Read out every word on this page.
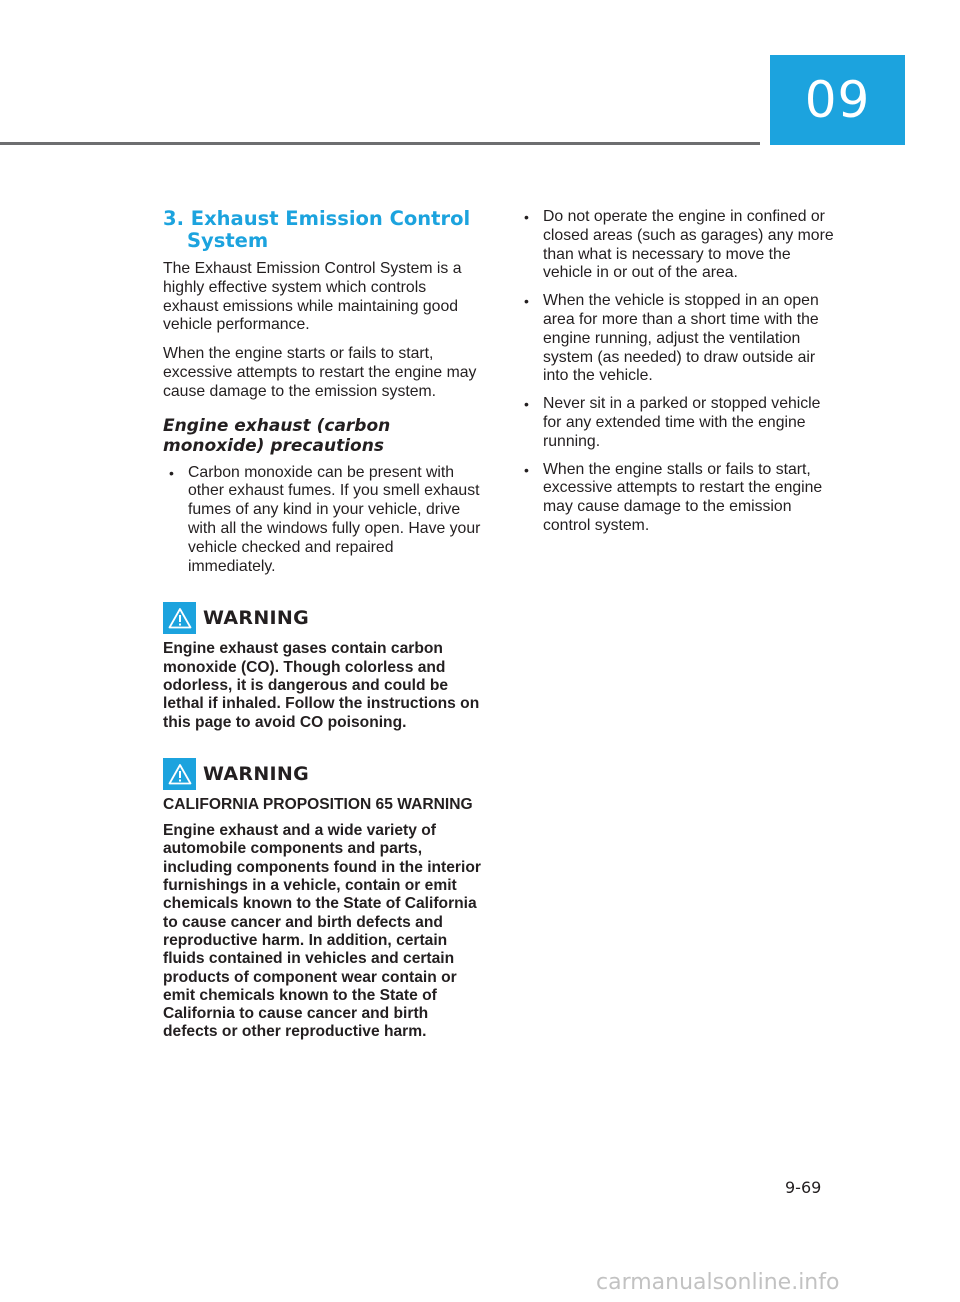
09
3. Exhaust Emission Control System

The Exhaust Emission Control System is a highly effective system which controls exhaust emissions while maintaining good vehicle performance.

When the engine starts or fails to start, excessive attempts to restart the engine may cause damage to the emission system.

Engine exhaust (carbon monoxide) precautions
• Carbon monoxide can be present with other exhaust fumes. If you smell exhaust fumes of any kind in your vehicle, drive with all the windows fully open. Have your vehicle checked and repaired immediately.
WARNING

Engine exhaust gases contain carbon monoxide (CO). Though colorless and odorless, it is dangerous and could be lethal if inhaled. Follow the instructions on this page to avoid CO poisoning.

WARNING

CALIFORNIA PROPOSITION 65 WARNING

Engine exhaust and a wide variety of automobile components and parts, including components found in the interior furnishings in a vehicle, contain or emit chemicals known to the State of California to cause cancer and birth defects and reproductive harm. In addition, certain fluids contained in vehicles and certain products of component wear contain or emit chemicals known to the State of California to cause cancer and birth defects or other reproductive harm.

• Do not operate the engine in confined or closed areas (such as garages) any more than what is necessary to move the vehicle in or out of the area.
• When the vehicle is stopped in an open area for more than a short time with the engine running, adjust the ventilation system (as needed) to draw outside air into the vehicle.
• Never sit in a parked or stopped vehicle for any extended time with the engine running.
• When the engine stalls or fails to start, excessive attempts to restart the engine may cause damage to the emission control system.
9-69
carmanualsonline.info
